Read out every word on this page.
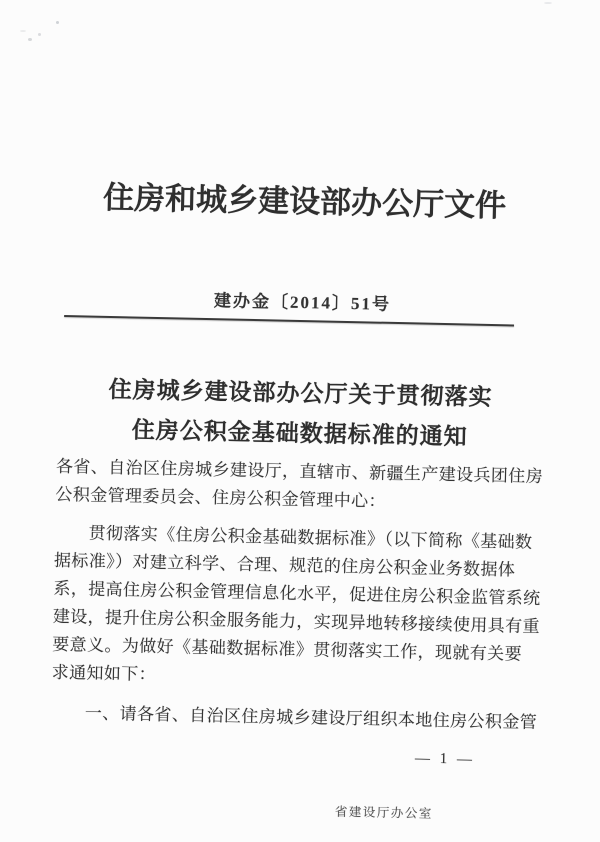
住房和城乡建设部办公厅文件
建办金〔2014〕51号
住房城乡建设部办公厅关于贯彻落实
住房公积金基础数据标准的通知
各省、自治区住房城乡建设厅，直辖市、新疆生产建设兵团住房
公积金管理委员会、住房公积金管理中心：
贯彻落实《住房公积金基础数据标准》（以下简称《基础数
据标准》）对建立科学、合理、规范的住房公积金业务数据体
系，提高住房公积金管理信息化水平，促进住房公积金监管系统
建设，提升住房公积金服务能力，实现异地转移接续使用具有重
要意义。为做好《基础数据标准》贯彻落实工作，现就有关要
求通知如下：
一、请各省、自治区住房城乡建设厅组织本地住房公积金管
— 1 —
省建设厅办公室
